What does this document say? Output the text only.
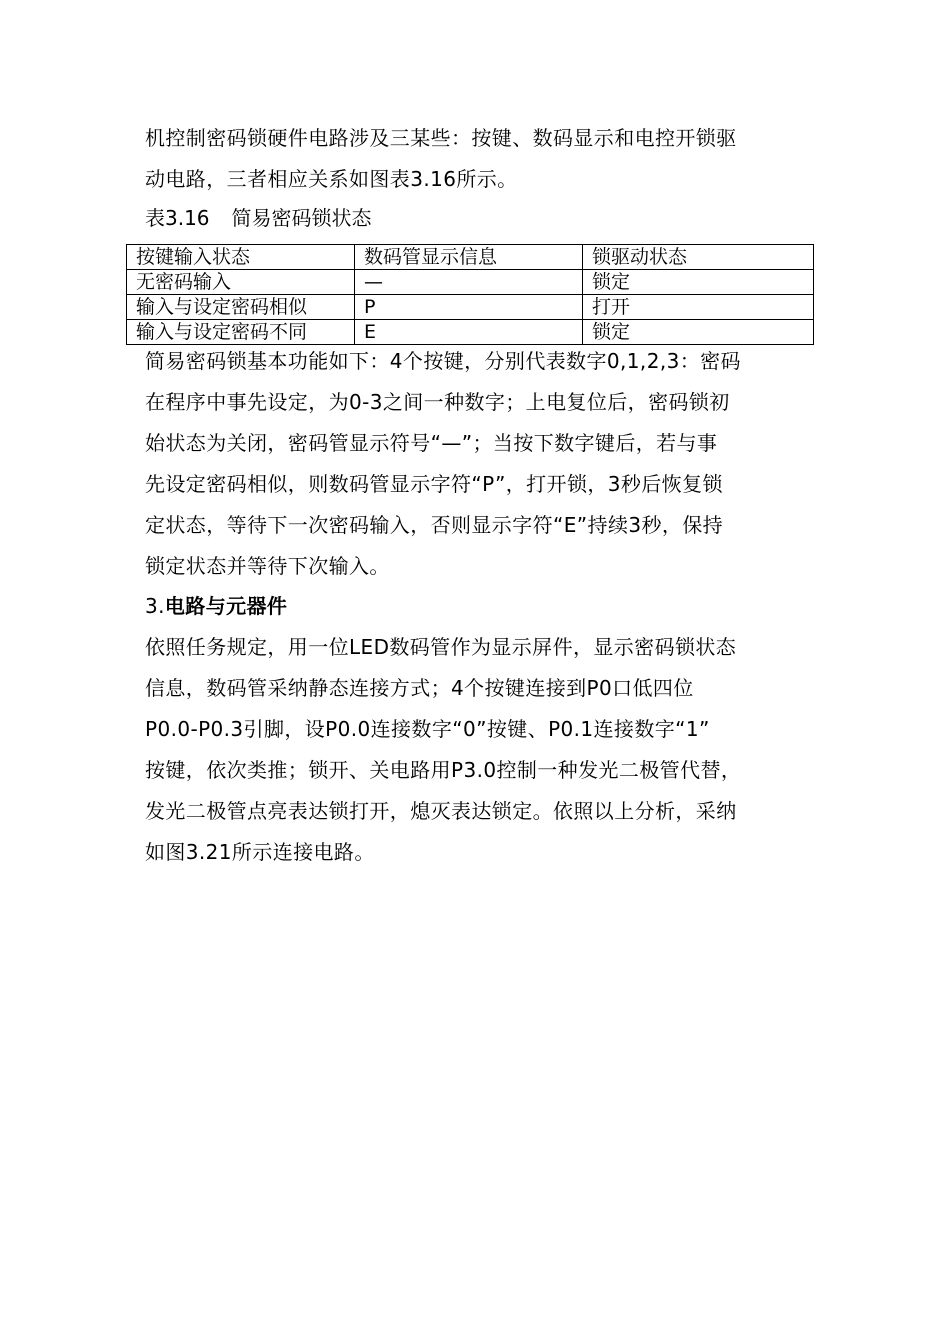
机控制密码锁硬件电路涉及三某些：按键、数码显示和电控开锁驱

动电路，三者相应关系如图表3.16所示。

表3.16 简易密码锁状态
按键输入状态	数码管显示信息	锁驱动状态
无密码输入	—	锁定
输入与设定密码相似	P	打开
输入与设定密码不同	E	锁定

简易密码锁基本功能如下：4个按键，分别代表数字0,1,2,3：密码

在程序中事先设定，为0-3之间一种数字；上电复位后，密码锁初

始状态为关闭，密码管显示符号“—”；当按下数字键后，若与事

先设定密码相似，则数码管显示字符“P”，打开锁，3秒后恢复锁

定状态，等待下一次密码输入，否则显示字符“E”持续3秒，保持

锁定状态并等待下次输入。

3.电路与元器件

依照任务规定，用一位LED数码管作为显示屏件，显示密码锁状态

信息，数码管采纳静态连接方式；4个按键连接到P0口低四位

P0.0-P0.3引脚，设P0.0连接数字“0”按键、P0.1连接数字“1”

按键，依次类推；锁开、关电路用P3.0控制一种发光二极管代替，

发光二极管点亮表达锁打开，熄灭表达锁定。依照以上分析，采纳

如图3.21所示连接电路。
